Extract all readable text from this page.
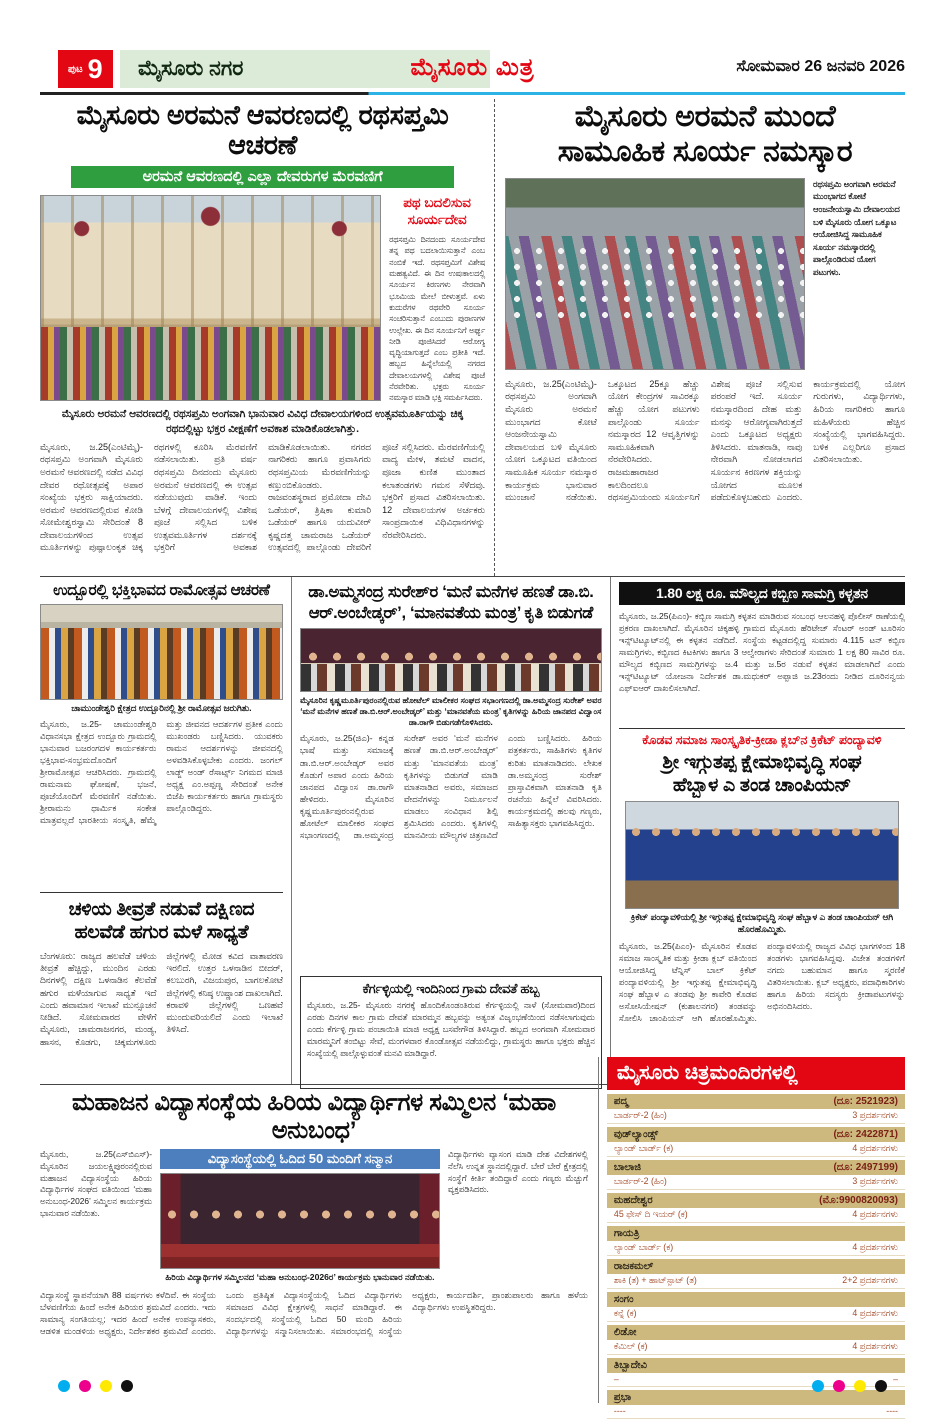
ಪುಟ 9 ಮೈಸೂರು ನಗರ	ಮೈಸೂರು ಮಿತ್ರ	ಸೋಮವಾರ 26 ಜನವರಿ 2026
ಮೈಸೂರು ಅರಮನೆ ಆವರಣದಲ್ಲಿ ರಥಸಪ್ತಮಿ ಆಚರಣೆ
ಅರಮನೆ ಆವರಣದಲ್ಲಿ ಎಲ್ಲಾ ದೇವರುಗಳ ಮೆರವಣಿಗೆ
ಪಥ ಬದಲಿಸುವ ಸೂರ್ಯದೇವ
ರಥಸಪ್ತಮಿ ದಿನದಂದು ಸೂರ್ಯದೇವ ತನ್ನ ಪಥ ಬದಲಾಯಿಸುತ್ತಾನೆ ಎಂಬ ನಂಬಿಕೆ ಇದೆ. ರಥಸಪ್ತಮಿಗೆ ವಿಶೇಷ ಮಹತ್ವವಿದೆ. ಈ ದಿನ ಉಷಃಕಾಲದಲ್ಲಿ ಸೂರ್ಯನ ಕಿರಣಗಳು ನೇರವಾಗಿ ಭೂಮಿಯ ಮೇಲೆ ಬೀಳುತ್ತವೆ. ಏಳು ಕುದುರೆಗಳ ರಥವೇರಿ ಸೂರ್ಯ ಸಂಚರಿಸುತ್ತಾನೆ ಎಂಬುದು ಪುರಾಣಗಳ ಉಲ್ಲೇಖ. ಈ ದಿನ ಸೂರ್ಯನಿಗೆ ಅರ್ಘ್ಯ ನೀಡಿ ಪೂಜಿಸಿದರೆ ಆರೋಗ್ಯ ವೃದ್ಧಿಯಾಗುತ್ತದೆ ಎಂಬ ಪ್ರತೀತಿ ಇದೆ. ಹಬ್ಬದ ಹಿನ್ನೆಲೆಯಲ್ಲಿ ನಗರದ ದೇವಾಲಯಗಳಲ್ಲಿ ವಿಶೇಷ ಪೂಜೆ ನೆರವೇರಿತು. ಭಕ್ತರು ಸೂರ್ಯ ನಮಸ್ಕಾರ ಮಾಡಿ ಭಕ್ತಿ ಸಮರ್ಪಿಸಿದರು.
ಮೈಸೂರು ಅರಮನೆ ಆವರಣದಲ್ಲಿ ರಥಸಪ್ತಮಿ ಅಂಗವಾಗಿ ಭಾನುವಾರ ವಿವಿಧ ದೇವಾಲಯಗಳಿಂದ ಉತ್ಸವಮೂರ್ತಿಯನ್ನು ಚಿಕ್ಕ ರಥದಲ್ಲಿಟ್ಟು ಭಕ್ತರ ವೀಕ್ಷಣೆಗೆ ಅವಕಾಶ ಮಾಡಿಕೊಡಲಾಗಿತ್ತು.
ಮೈಸೂರು, ಜ.25(ಎಂಟಿಮೈ)- ರಥಸಪ್ತಮಿ ಅಂಗವಾಗಿ ಮೈಸೂರು ಅರಮನೆ ಆವರಣದಲ್ಲಿ ನಡೆದ ವಿವಿಧ ದೇವರ ರಥೋತ್ಸವಕ್ಕೆ ಅಪಾರ ಸಂಖ್ಯೆಯ ಭಕ್ತರು ಸಾಕ್ಷಿಯಾದರು. ಅರಮನೆ ಆವರಣದಲ್ಲಿರುವ ಕೋಡಿ ಸೋಮೇಶ್ವರಸ್ವಾಮಿ ಸೇರಿದಂತೆ 8 ದೇವಾಲಯಗಳಿಂದ ಉತ್ಸವ ಮೂರ್ತಿಗಳನ್ನು ಪುಷ್ಪಾಲಂಕೃತ ಚಿಕ್ಕ ರಥಗಳಲ್ಲಿ ಕೂರಿಸಿ ಮೆರವಣಿಗೆ ನಡೆಸಲಾಯಿತು. ಪ್ರತಿ ವರ್ಷ ರಥಸಪ್ತಮಿ ದಿನದಂದು ಮೈಸೂರು ಅರಮನೆ ಆವರಣದಲ್ಲಿ ಈ ಉತ್ಸವ ನಡೆಯುವುದು ವಾಡಿಕೆ. ಇಂದು ಬೆಳಗ್ಗೆ ದೇವಾಲಯಗಳಲ್ಲಿ ವಿಶೇಷ ಪೂಜೆ ಸಲ್ಲಿಸಿದ ಬಳಿಕ ಉತ್ಸವಮೂರ್ತಿಗಳ ದರ್ಶನಕ್ಕೆ ಭಕ್ತರಿಗೆ ಅವಕಾಶ ಮಾಡಿಕೊಡಲಾಯಿತು. ನಗರದ ನಾಗರಿಕರು ಹಾಗೂ ಪ್ರವಾಸಿಗರು ರಥಸಪ್ತಮಿಯ ಮೆರವಣಿಗೆಯನ್ನು ಕಣ್ತುಂಬಿಕೊಂಡರು. ರಾಜವಂಶಸ್ಥರಾದ ಪ್ರಮೋದಾ ದೇವಿ ಒಡೆಯರ್, ತ್ರಿಷಿಕಾ ಕುಮಾರಿ ಒಡೆಯರ್ ಹಾಗೂ ಯದುವೀರ್ ಕೃಷ್ಣದತ್ತ ಚಾಮರಾಜ ಒಡೆಯರ್ ಉತ್ಸವದಲ್ಲಿ ಪಾಲ್ಗೊಂಡು ದೇವರಿಗೆ ಪೂಜೆ ಸಲ್ಲಿಸಿದರು. ಮೆರವಣಿಗೆಯಲ್ಲಿ ವಾದ್ಯ ಮೇಳ, ತಮಟೆ ವಾದನ, ಪೂಜಾ ಕುಣಿತ ಮುಂತಾದ ಕಲಾತಂಡಗಳು ಗಮನ ಸೆಳೆದವು. ಭಕ್ತರಿಗೆ ಪ್ರಸಾದ ವಿತರಿಸಲಾಯಿತು. 12 ದೇವಾಲಯಗಳ ಅರ್ಚಕರು ಸಾಂಪ್ರದಾಯಿಕ ವಿಧಿವಿಧಾನಗಳನ್ನು ನೆರವೇರಿಸಿದರು.
ಮೈಸೂರು ಅರಮನೆ ಮುಂದೆ
ಸಾಮೂಹಿಕ ಸೂರ್ಯ ನಮಸ್ಕಾರ
ರಥಸಪ್ತಮಿ ಅಂಗವಾಗಿ ಅರಮನೆ ಮುಂಭಾಗದ ಕೋಟೆ ಆಂಜನೇಯಸ್ವಾಮಿ ದೇವಾಲಯದ ಬಳಿ ಮೈಸೂರು ಯೋಗ ಒಕ್ಕೂಟ ಆಯೋಜಿಸಿದ್ದ ಸಾಮೂಹಿಕ ಸೂರ್ಯ ನಮಸ್ಕಾರದಲ್ಲಿ ಪಾಲ್ಗೊಂಡಿರುವ ಯೋಗ ಪಟುಗಳು.
ಮೈಸೂರು, ಜ.25(ಎಂಟಿಮೈ)- ರಥಸಪ್ತಮಿ ಅಂಗವಾಗಿ ಮೈಸೂರು ಅರಮನೆ ಮುಂಭಾಗದ ಕೋಟೆ ಆಂಜನೇಯಸ್ವಾಮಿ ದೇವಾಲಯದ ಬಳಿ ಮೈಸೂರು ಯೋಗ ಒಕ್ಕೂಟದ ವತಿಯಿಂದ ಸಾಮೂಹಿಕ ಸೂರ್ಯ ನಮಸ್ಕಾರ ಕಾರ್ಯಕ್ರಮ ಭಾನುವಾರ ಮುಂಜಾನೆ ನಡೆಯಿತು. ಒಕ್ಕೂಟದ 25ಕ್ಕೂ ಹೆಚ್ಚು ಯೋಗ ಕೇಂದ್ರಗಳ ಸಾವಿರಕ್ಕೂ ಹೆಚ್ಚು ಯೋಗ ಪಟುಗಳು ಪಾಲ್ಗೊಂಡು ಸೂರ್ಯ ನಮಸ್ಕಾರದ 12 ಆವೃತ್ತಿಗಳನ್ನು ಸಾಮೂಹಿಕವಾಗಿ ನೆರವೇರಿಸಿದರು. ರಾಜಮಹಾರಾಜರ ಕಾಲದಿಂದಲೂ ರಥಸಪ್ತಮಿಯಂದು ಸೂರ್ಯನಿಗೆ ವಿಶೇಷ ಪೂಜೆ ಸಲ್ಲಿಸುವ ಪರಂಪರೆ ಇದೆ. ಸೂರ್ಯ ನಮಸ್ಕಾರದಿಂದ ದೇಹ ಮತ್ತು ಮನಸ್ಸು ಆರೋಗ್ಯವಾಗಿರುತ್ತದೆ ಎಂದು ಒಕ್ಕೂಟದ ಅಧ್ಯಕ್ಷರು ತಿಳಿಸಿದರು. ಮಾತನಾಡಿ, ನಾವು ನೇರವಾಗಿ ನೋಡಲಾಗದ ಸೂರ್ಯನ ಕಿರಣಗಳ ಶಕ್ತಿಯನ್ನು ಯೋಗದ ಮೂಲಕ ಪಡೆದುಕೊಳ್ಳಬಹುದು ಎಂದರು. ಕಾರ್ಯಕ್ರಮದಲ್ಲಿ ಯೋಗ ಗುರುಗಳು, ವಿದ್ಯಾರ್ಥಿಗಳು, ಹಿರಿಯ ನಾಗರಿಕರು ಹಾಗೂ ಮಹಿಳೆಯರು ಹೆಚ್ಚಿನ ಸಂಖ್ಯೆಯಲ್ಲಿ ಭಾಗವಹಿಸಿದ್ದರು. ಬಳಿಕ ಎಲ್ಲರಿಗೂ ಪ್ರಸಾದ ವಿತರಿಸಲಾಯಿತು.
ಉದ್ಬೂರಲ್ಲಿ ಭಕ್ತಿಭಾವದ ರಾಮೋತ್ಸವ ಆಚರಣೆ
ಚಾಮುಂಡೇಶ್ವರಿ ಕ್ಷೇತ್ರದ ಉದ್ಬೂರಿನಲ್ಲಿ ಶ್ರೀ ರಾಮೋತ್ಸವ ಜರುಗಿತು.
ಮೈಸೂರು, ಜ.25- ಚಾಮುಂಡೇಶ್ವರಿ ವಿಧಾನಸಭಾ ಕ್ಷೇತ್ರದ ಉದ್ಬೂರು ಗ್ರಾಮದಲ್ಲಿ ಭಾನುವಾರ ಬಜರಂಗದಳ ಕಾರ್ಯಕರ್ತರು ಭಕ್ತಿಭಾವ-ಸಂಭ್ರಮದೊಂದಿಗೆ ಶ್ರೀರಾಮೋತ್ಸವ ಆಚರಿಸಿದರು. ಗ್ರಾಮದಲ್ಲಿ ರಾಮನಾಮ ಘೋಷಣೆ, ಭಜನೆ, ಪೂಜೆಯೊಂದಿಗೆ ಮೆರವಣಿಗೆ ನಡೆಯಿತು. ಶ್ರೀರಾಮನು ಧಾರ್ಮಿಕ ಸಂಕೇತ ಮಾತ್ರವಲ್ಲದೆ ಭಾರತೀಯ ಸಂಸ್ಕೃತಿ, ಹೆಮ್ಮೆ ಮತ್ತು ಜೀವನದ ಆದರ್ಶಗಳ ಪ್ರತೀಕ ಎಂದು ಮುಖಂಡರು ಬಣ್ಣಿಸಿದರು. ಯುವಕರು ರಾಮನ ಆದರ್ಶಗಳನ್ನು ಜೀವನದಲ್ಲಿ ಅಳವಡಿಸಿಕೊಳ್ಳಬೇಕು ಎಂದರು. ಜಂಗಲ್ ಲಾಡ್ಜ್ ಅಂಡ್ ರೆಸಾರ್ಟ್ಸ್ ನಿಗಮದ ಮಾಜಿ ಅಧ್ಯಕ್ಷ ಎಂ.ಅಪ್ಪಣ್ಣ ಸೇರಿದಂತೆ ಅನೇಕ ಬಿಜೆಪಿ ಕಾರ್ಯಕರ್ತರು ಹಾಗೂ ಗ್ರಾಮಸ್ಥರು ಪಾಲ್ಗೊಂಡಿದ್ದರು.
ಚಳಿಯ ತೀವ್ರತೆ ನಡುವೆ ದಕ್ಷಿಣದ
ಹಲವೆಡೆ ಹಗುರ ಮಳೆ ಸಾಧ್ಯತೆ
ಬೆಂಗಳೂರು: ರಾಜ್ಯದ ಹಲವೆಡೆ ಚಳಿಯ ತೀವ್ರತೆ ಹೆಚ್ಚಿದ್ದು, ಮುಂದಿನ ಎರಡು ದಿನಗಳಲ್ಲಿ ದಕ್ಷಿಣ ಒಳನಾಡಿನ ಕೆಲವೆಡೆ ಹಗುರ ಮಳೆಯಾಗುವ ಸಾಧ್ಯತೆ ಇದೆ ಎಂದು ಹವಾಮಾನ ಇಲಾಖೆ ಮುನ್ಸೂಚನೆ ನೀಡಿದೆ. ಸೋಮವಾರದ ವೇಳೆಗೆ ಮೈಸೂರು, ಚಾಮರಾಜನಗರ, ಮಂಡ್ಯ, ಹಾಸನ, ಕೊಡಗು, ಚಿಕ್ಕಮಗಳೂರು ಜಿಲ್ಲೆಗಳಲ್ಲಿ ಮೋಡ ಕವಿದ ವಾತಾವರಣ ಇರಲಿದೆ. ಉತ್ತರ ಒಳನಾಡಿನ ಬೀದರ್, ಕಲಬುರಗಿ, ವಿಜಯಪುರ, ಬಾಗಲಕೋಟೆ ಜಿಲ್ಲೆಗಳಲ್ಲಿ ಕನಿಷ್ಠ ಉಷ್ಣಾಂಶ ದಾಖಲಾಗಿದೆ. ಕರಾವಳಿ ಜಿಲ್ಲೆಗಳಲ್ಲಿ ಒಣಹವೆ ಮುಂದುವರಿಯಲಿದೆ ಎಂದು ಇಲಾಖೆ ತಿಳಿಸಿದೆ.
ಡಾ.ಅಮ್ಮಸಂದ್ರ ಸುರೇಶ್‌ರ ‘ಮನೆ ಮನೆಗಳ ಹಣತೆ ಡಾ.ಬಿ. ಆರ್.ಅಂಬೇಡ್ಕರ್’, ‘ಮಾನವತೆಯ ಮಂತ್ರ’ ಕೃತಿ ಬಿಡುಗಡೆ
ಮೈಸೂರಿನ ಕೃಷ್ಣಮೂರ್ತಿಪುರಂನಲ್ಲಿರುವ ಹೋಟೆಲ್ ಮಾಲೀಕರ ಸಂಘದ ಸಭಾಂಗಣದಲ್ಲಿ ಡಾ.ಅಮ್ಮಸಂದ್ರ ಸುರೇಶ್ ಅವರ ‘ಮನೆ ಮನೆಗಳ ಹಣತೆ ಡಾ.ಬಿ.ಆರ್.ಅಂಬೇಡ್ಕರ್’ ಮತ್ತು ‘ಮಾನವತೆಯ ಮಂತ್ರ’ ಕೃತಿಗಳನ್ನು ಹಿರಿಯ ಜಾನಪದ ವಿದ್ವಾಂಸ ಡಾ.ರಾಗೌ ಬಿಡುಗಡೆಗೊಳಿಸಿದರು.
ಮೈಸೂರು, ಜ.25(ಜಿಎ)- ಕನ್ನಡ ಭಾಷೆ ಮತ್ತು ಸಮಾಜಕ್ಕೆ ಡಾ.ಬಿ.ಆರ್.ಅಂಬೇಡ್ಕರ್ ಅವರ ಕೊಡುಗೆ ಅಪಾರ ಎಂದು ಹಿರಿಯ ಜಾನಪದ ವಿದ್ವಾಂಸ ಡಾ.ರಾಗೌ ಹೇಳಿದರು. ಮೈಸೂರಿನ ಕೃಷ್ಣಮೂರ್ತಿಪುರಂನಲ್ಲಿರುವ ಹೋಟೆಲ್ ಮಾಲೀಕರ ಸಂಘದ ಸಭಾಂಗಣದಲ್ಲಿ ಡಾ.ಅಮ್ಮಸಂದ್ರ ಸುರೇಶ್ ಅವರ ‘ಮನೆ ಮನೆಗಳ ಹಣತೆ ಡಾ.ಬಿ.ಆರ್.ಅಂಬೇಡ್ಕರ್’ ಮತ್ತು ‘ಮಾನವತೆಯ ಮಂತ್ರ’ ಕೃತಿಗಳನ್ನು ಬಿಡುಗಡೆ ಮಾಡಿ ಮಾತನಾಡಿದ ಅವರು, ಸಮಾಜದ ವೇದನೆಗಳನ್ನು ನಿರ್ಮೂಲನೆ ಮಾಡಲು ಸಂವಿಧಾನ ಶಿಲ್ಪಿ ಶ್ರಮಿಸಿದರು ಎಂದರು. ಕೃತಿಗಳಲ್ಲಿ ಮಾನವೀಯ ಮೌಲ್ಯಗಳ ಚಿತ್ರಣವಿದೆ ಎಂದು ಬಣ್ಣಿಸಿದರು. ಹಿರಿಯ ಪತ್ರಕರ್ತರು, ಸಾಹಿತಿಗಳು ಕೃತಿಗಳ ಕುರಿತು ಮಾತನಾಡಿದರು. ಲೇಖಕ ಡಾ.ಅಮ್ಮಸಂದ್ರ ಸುರೇಶ್ ಪ್ರಾಸ್ತಾವಿಕವಾಗಿ ಮಾತನಾಡಿ ಕೃತಿ ರಚನೆಯ ಹಿನ್ನೆಲೆ ವಿವರಿಸಿದರು. ಕಾರ್ಯಕ್ರಮದಲ್ಲಿ ಹಲವು ಗಣ್ಯರು, ಸಾಹಿತ್ಯಾಸಕ್ತರು ಭಾಗವಹಿಸಿದ್ದರು.
ಕೆರ್ಗಳ್ಳಿಯಲ್ಲಿ ಇಂದಿನಿಂದ ಗ್ರಾಮ ದೇವತೆ ಹಬ್ಬ
ಮೈಸೂರು, ಜ.25- ಮೈಸೂರು ನಗರಕ್ಕೆ ಹೊಂದಿಕೊಂಡಂತಿರುವ ಕೆರ್ಗಳ್ಳಿಯಲ್ಲಿ ನಾಳೆ (ಸೋಮವಾರ)ದಿಂದ ಎರಡು ದಿನಗಳ ಕಾಲ ಗ್ರಾಮ ದೇವತೆ ಮಾರಮ್ಮನ ಹಬ್ಬವನ್ನು ಅತ್ಯಂತ ವಿಜೃಂಭಣೆಯಿಂದ ನಡೆಸಲಾಗುವುದು ಎಂದು ಕೆರ್ಗಳ್ಳಿ ಗ್ರಾಮ ಪಂಚಾಯಿತಿ ಮಾಜಿ ಅಧ್ಯಕ್ಷ ಬಸವೇಗೌಡ ತಿಳಿಸಿದ್ದಾರೆ. ಹಬ್ಬದ ಅಂಗವಾಗಿ ಸೋಮವಾರ ಮಾರಮ್ಮನಿಗೆ ತಂಬಿಟ್ಟು ಸೇವೆ, ಮಂಗಳವಾರ ಕೊಂಡೋತ್ಸವ ನಡೆಯಲಿದ್ದು, ಗ್ರಾಮಸ್ಥರು ಹಾಗೂ ಭಕ್ತರು ಹೆಚ್ಚಿನ ಸಂಖ್ಯೆಯಲ್ಲಿ ಪಾಲ್ಗೊಳ್ಳುವಂತೆ ಮನವಿ ಮಾಡಿದ್ದಾರೆ.
1.80 ಲಕ್ಷ ರೂ. ಮೌಲ್ಯದ ಕಬ್ಬಿಣ ಸಾಮಗ್ರಿ ಕಳ್ಳತನ
ಮೈಸೂರು, ಜ.25(ಪಿಎಂ)- ಕಬ್ಬಿಣ ಸಾಮಗ್ರಿ ಕಳ್ಳತನ ಮಾಡಿರುವ ಸಂಬಂಧ ಆಲನಹಳ್ಳಿ ಪೊಲೀಸ್ ಠಾಣೆಯಲ್ಲಿ ಪ್ರಕರಣ ದಾಖಲಾಗಿದೆ. ಮೈಸೂರಿನ ಚಿಕ್ಕಹಳ್ಳಿ ಗ್ರಾಮದ ಮೈಸೂರು ಹೆರಿಟೇಜ್ ಸೆಂಟರ್ ಅಂಡ್ ಟೂರಿಸಂ ಇನ್ಸ್‌ಟಿಟ್ಯೂಟ್‌ನಲ್ಲಿ ಈ ಕಳ್ಳತನ ನಡೆದಿದೆ. ಸಂಸ್ಥೆಯ ಕಟ್ಟಡದಲ್ಲಿದ್ದ ಸುಮಾರು 4.115 ಟನ್ ಕಬ್ಬಿಣ ಸಾಮಗ್ರಿಗಳು, ಕಬ್ಬಿಣದ ಕಿಟಕಿಗಳು ಹಾಗೂ 3 ಆಲ್ವೇರಾಗಳು ಸೇರಿದಂತೆ ಸುಮಾರು 1 ಲಕ್ಷ 80 ಸಾವಿರ ರೂ. ಮೌಲ್ಯದ ಕಬ್ಬಿಣದ ಸಾಮಗ್ರಿಗಳನ್ನು ಜ.4 ಮತ್ತು ಜ.5ರ ನಡುವೆ ಕಳ್ಳತನ ಮಾಡಲಾಗಿದೆ ಎಂದು ಇನ್ಸ್‌ಟಿಟ್ಯೂಟ್ ಯೋಜನಾ ನಿರ್ದೇಶಕ ಡಾ.ಮಧುಕರ್ ಅಪ್ಪಾಜಿ ಜ.23ರಂದು ನೀಡಿದ ದೂರಿನನ್ವಯ ಎಫ್‌ಐಆರ್ ದಾಖಲಿಸಲಾಗಿದೆ.
ಕೊಡವ ಸಮಾಜ ಸಾಂಸ್ಕೃತಿಕ-ಕ್ರೀಡಾ ಕ್ಲಬ್‌ನ ಕ್ರಿಕೆಟ್ ಪಂದ್ಯಾವಳಿ
ಶ್ರೀ ಇಗ್ಗುತಪ್ಪ ಕ್ಷೇಮಾಭಿವೃದ್ಧಿ ಸಂಘ
ಹೆಬ್ಬಾಳ ಎ ತಂಡ ಚಾಂಪಿಯನ್
ಕ್ರಿಕೆಟ್ ಪಂದ್ಯಾವಳಿಯಲ್ಲಿ ಶ್ರೀ ಇಗ್ಗುತಪ್ಪ ಕ್ಷೇಮಾಭಿವೃದ್ಧಿ ಸಂಘ ಹೆಬ್ಬಾಳ ಎ ತಂಡ ಚಾಂಪಿಯನ್ ಆಗಿ ಹೊರಹೊಮ್ಮಿತು.
ಮೈಸೂರು, ಜ.25(ಪಿಎಂ)- ಮೈಸೂರಿನ ಕೊಡವ ಸಮಾಜ ಸಾಂಸ್ಕೃತಿಕ ಮತ್ತು ಕ್ರೀಡಾ ಕ್ಲಬ್ ವತಿಯಿಂದ ಆಯೋಜಿಸಿದ್ದ ಟೆನ್ನಿಸ್ ಬಾಲ್ ಕ್ರಿಕೆಟ್ ಪಂದ್ಯಾವಳಿಯಲ್ಲಿ ಶ್ರೀ ಇಗ್ಗುತಪ್ಪ ಕ್ಷೇಮಾಭಿವೃದ್ಧಿ ಸಂಘ ಹೆಬ್ಬಾಳ ಎ ತಂಡವು ಶ್ರೀ ಕಾವೇರಿ ಕೊಡವ ಅಸೋಸಿಯೇಷನ್ (ಕುಶಾಲನಗರ) ತಂಡವನ್ನು ಸೋಲಿಸಿ ಚಾಂಪಿಯನ್ ಆಗಿ ಹೊರಹೊಮ್ಮಿತು. ಪಂದ್ಯಾವಳಿಯಲ್ಲಿ ರಾಜ್ಯದ ವಿವಿಧ ಭಾಗಗಳಿಂದ 18 ತಂಡಗಳು ಭಾಗವಹಿಸಿದ್ದವು. ವಿಜೇತ ತಂಡಗಳಿಗೆ ನಗದು ಬಹುಮಾನ ಹಾಗೂ ಸ್ಮರಣಿಕೆ ವಿತರಿಸಲಾಯಿತು. ಕ್ಲಬ್ ಅಧ್ಯಕ್ಷರು, ಪದಾಧಿಕಾರಿಗಳು ಹಾಗೂ ಹಿರಿಯ ಸದಸ್ಯರು ಕ್ರೀಡಾಪಟುಗಳನ್ನು ಅಭಿನಂದಿಸಿದರು.
ಮಹಾಜನ ವಿದ್ಯಾಸಂಸ್ಥೆಯ ಹಿರಿಯ ವಿದ್ಯಾರ್ಥಿಗಳ ಸಮ್ಮಿಲನ ‘ಮಹಾ ಅನುಬಂಧ’
ಮೈಸೂರು, ಜ.25(ಎಸ್‌ಬಿಎಸ್)- ಮೈಸೂರಿನ ಜಯಲಕ್ಷ್ಮಿಪುರಂನಲ್ಲಿರುವ ಮಹಾಜನ ವಿದ್ಯಾಸಂಸ್ಥೆಯ ಹಿರಿಯ ವಿದ್ಯಾರ್ಥಿಗಳ ಸಂಘದ ವತಿಯಿಂದ ‘ಮಹಾ ಅನುಬಂಧ-2026’ ಸಮ್ಮಿಲನ ಕಾರ್ಯಕ್ರಮ ಭಾನುವಾರ ನಡೆಯಿತು.
ವಿದ್ಯಾಸಂಸ್ಥೆಯಲ್ಲಿ ಓದಿದ 50 ಮಂದಿಗೆ ಸನ್ಮಾನ
ಹಿರಿಯ ವಿದ್ಯಾರ್ಥಿಗಳ ಸಮ್ಮಿಲನದ ‘ಮಹಾ ಅನುಬಂಧ-2026ರ’ ಕಾರ್ಯಕ್ರಮ ಭಾನುವಾರ ನಡೆಯಿತು.
ವಿದ್ಯಾರ್ಥಿಗಳು ವ್ಯಾಸಂಗ ಮಾಡಿ ದೇಶ ವಿದೇಶಗಳಲ್ಲಿ ನೆಲೆಸಿ ಉನ್ನತ ಸ್ಥಾನದಲ್ಲಿದ್ದಾರೆ. ಬೇರೆ ಬೇರೆ ಕ್ಷೇತ್ರದಲ್ಲಿ ಸಂಸ್ಥೆಗೆ ಕೀರ್ತಿ ತಂದಿದ್ದಾರೆ ಎಂದು ಗಣ್ಯರು ಮೆಚ್ಚುಗೆ ವ್ಯಕ್ತಪಡಿಸಿದರು.
ವಿದ್ಯಾಸಂಸ್ಥೆ ಸ್ಥಾಪನೆಯಾಗಿ 88 ವರ್ಷಗಳು ಕಳೆದಿವೆ. ಈ ಸಂಸ್ಥೆಯ ಬೆಳವಣಿಗೆಯ ಹಿಂದೆ ಅನೇಕ ಹಿರಿಯರ ಶ್ರಮವಿದೆ ಎಂದರು. ಇದು ಸಾಮಾನ್ಯ ಸಂಗತಿಯಲ್ಲ; ಇದರ ಹಿಂದೆ ಅನೇಕ ಉಪನ್ಯಾಸಕರು, ಆಡಳಿತ ಮಂಡಳಿಯ ಅಧ್ಯಕ್ಷರು, ನಿರ್ದೇಶಕರ ಶ್ರಮವಿದೆ ಎಂದರು. ಒಂದು ಪ್ರತಿಷ್ಠಿತ ವಿದ್ಯಾಸಂಸ್ಥೆಯಲ್ಲಿ ಓದಿದ ವಿದ್ಯಾರ್ಥಿಗಳು ಸಮಾಜದ ವಿವಿಧ ಕ್ಷೇತ್ರಗಳಲ್ಲಿ ಸಾಧನೆ ಮಾಡಿದ್ದಾರೆ. ಈ ಸಂದರ್ಭದಲ್ಲಿ ಸಂಸ್ಥೆಯಲ್ಲಿ ಓದಿದ 50 ಮಂದಿ ಹಿರಿಯ ವಿದ್ಯಾರ್ಥಿಗಳನ್ನು ಸನ್ಮಾನಿಸಲಾಯಿತು. ಸಮಾರಂಭದಲ್ಲಿ ಸಂಸ್ಥೆಯ ಅಧ್ಯಕ್ಷರು, ಕಾರ್ಯದರ್ಶಿ, ಪ್ರಾಂಶುಪಾಲರು ಹಾಗೂ ಹಳೆಯ ವಿದ್ಯಾರ್ಥಿಗಳು ಉಪಸ್ಥಿತರಿದ್ದರು.
ಮೈಸೂರು ಚಿತ್ರಮಂದಿರಗಳಲ್ಲಿ
ಪದ್ಮ	(ದೂ: 2521923)
ಬಾರ್ಡರ್-2 (ಹಿಂ)	3 ಪ್ರದರ್ಶನಗಳು
ವುಡ್‌ಲ್ಯಾಂಡ್ಸ್	(ದೂ: 2422871)
ಲ್ಯಾಂಡ್ ಬಾರ್ಡ್ (ಕ)	4 ಪ್ರದರ್ಶನಗಳು
ಬಾಲಾಜಿ	(ದೂ: 2497199)
ಬಾರ್ಡರ್-2 (ಹಿಂ)	3 ಪ್ರದರ್ಶನಗಳು
ಮಹದೇಶ್ವರ	(ಮೊ:9900820093)
45 ಫೇಸ್ ದಿ ಇಯರ್ (ಕ)	4 ಪ್ರದರ್ಶನಗಳು
ಗಾಯತ್ರಿ
ಲ್ಯಾಂಡ್ ಬಾರ್ಡ್ (ಕ)	4 ಪ್ರದರ್ಶನಗಳು
ರಾಜಕಮಲ್
ಶಾಕಿ (ತ) + ಹಾಟ್‌ಸ್ಪಾಟ್ (ತ)	2+2 ಪ್ರದರ್ಶನಗಳು
ಸಂಗಂ
ಕನ್ನೆ (ಕ)	4 ಪ್ರದರ್ಶನಗಳು
ಲಿಡೋ
ಕೆಮಿಲ್ (ಕ)	4 ಪ್ರದರ್ಶನಗಳು
ತಿಬ್ಬಾದೇವಿ
–	–
ಪ್ರಭಾ
----	----
